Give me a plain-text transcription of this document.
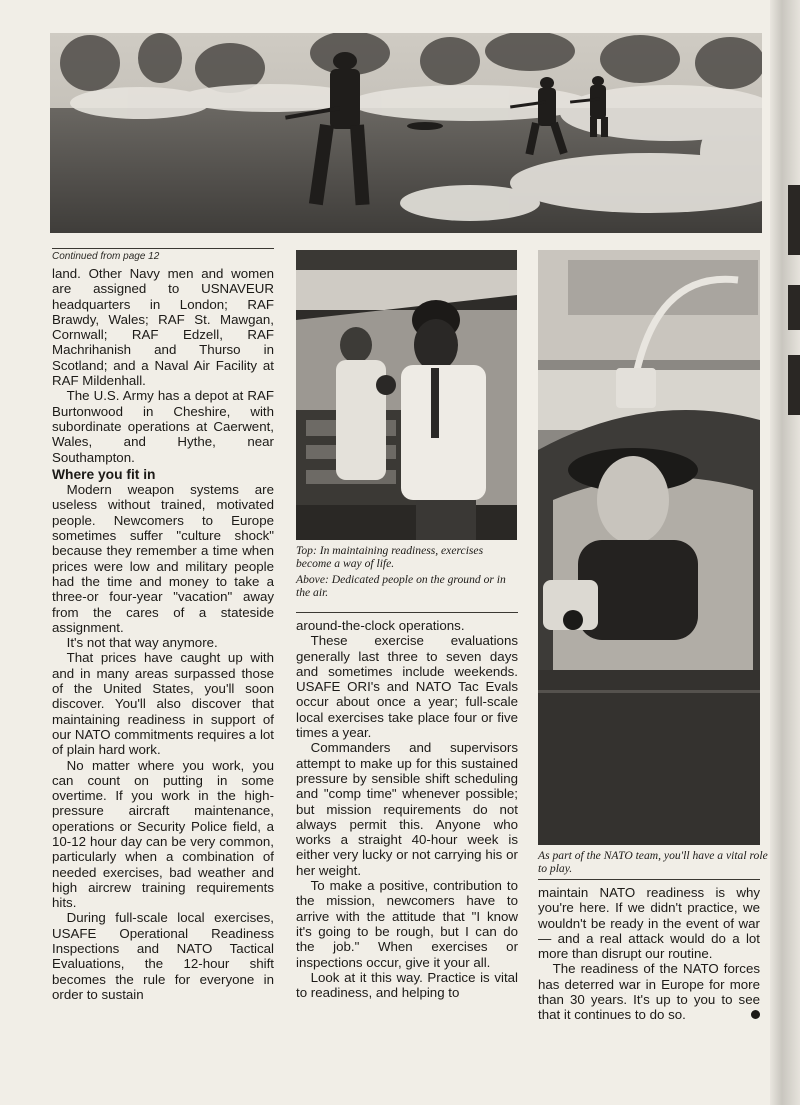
Continued from page 12

Top: In maintaining readiness, exercises become a way of life.

Above: Dedicated people on the ground or in the air.

As part of the NATO team, you'll have a vital role to play.

land. Other Navy men and women are assigned to USNAVEUR headquarters in London; RAF Brawdy, Wales; RAF St. Mawgan, Cornwall; RAF Edzell, RAF Machrihanish and Thurso in Scotland; and a Naval Air Facility at RAF Mildenhall.

The U.S. Army has a depot at RAF Burtonwood in Cheshire, with subordinate operations at Caerwent, Wales, and Hythe, near Southampton.

Where you fit in

Modern weapon systems are useless without trained, motivated people. Newcomers to Europe sometimes suffer "culture shock" because they remember a time when prices were low and military people had the time and money to take a three-or four-year "vacation" away from the cares of a stateside assignment.

It's not that way anymore.

That prices have caught up with and in many areas surpassed those of the United States, you'll soon discover. You'll also discover that maintaining readiness in support of our NATO commitments requires a lot of plain hard work.

No matter where you work, you can count on putting in some overtime. If you work in the high-pressure aircraft maintenance, operations or Security Police field, a 10-12 hour day can be very common, particularly when a combination of needed exercises, bad weather and high aircrew training requirements hits.

During full-scale local exercises, USAFE Operational Readiness Inspections and NATO Tactical Evaluations, the 12-hour shift becomes the rule for everyone in order to sustain

around-the-clock operations.

These exercise evaluations generally last three to seven days and sometimes include weekends. USAFE ORI's and NATO Tac Evals occur about once a year; full-scale local exercises take place four or five times a year.

Commanders and supervisors attempt to make up for this sustained pressure by sensible shift scheduling and "comp time" whenever possible; but mission requirements do not always permit this. Anyone who works a straight 40-hour week is either very lucky or not carrying his or her weight.

To make a positive, contribution to the mission, newcomers have to arrive with the attitude that "I know it's going to be rough, but I can do the job." When exercises or inspections occur, give it your all.

Look at it this way. Practice is vital to readiness, and helping to

maintain NATO readiness is why you're here. If we didn't practice, we wouldn't be ready in the event of war — and a real attack would do a lot more than disrupt our routine.

The readiness of the NATO forces has deterred war in Europe for more than 30 years. It's up to you to see that it continues to do so.
